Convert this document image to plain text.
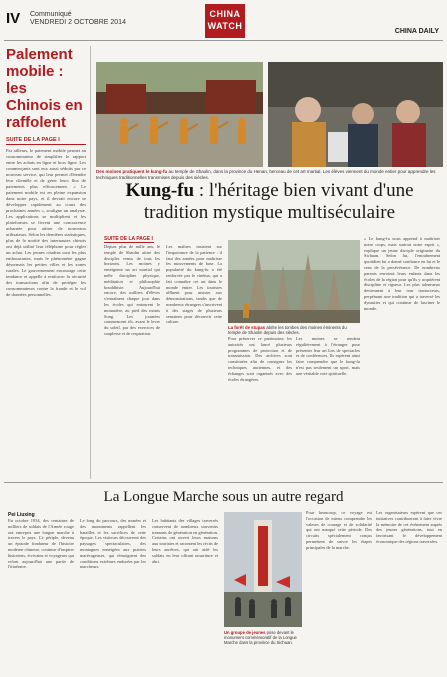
IV Communiqué
VENDREDI 2 OCTOBRE 2014
CHINA
WATCH
CHINA DAILY
Palement mobile : les Chinois en raffolent
SUITE DE LA PAGE I
Par ailleurs, le paiement mobile permet au consommateur de simplifier le rapport entre les achats en ligne et hors ligne. Les commerçants sont eux aussi séduits par ce nouveau service, qui leur permet d'étendre leur clientèle et de gérer leurs flux de paiements plus efficacement. « Le paiement mobile est en pleine expansion dans notre pays, et il devrait encore se développer rapidement au cours des prochaines années », souligne un analyste. Les applications se multiplient et les plateformes se livrent une concurrence acharnée pour attirer de nouveaux utilisateurs. Selon les dernières statistiques, plus de la moitié des internautes chinois ont déjà utilisé leur téléphone pour régler un achat. Les jeunes citadins sont les plus enthousiastes, mais le phénomène gagne désormais les petites villes et les zones rurales. Le gouvernement encourage cette tendance et appelle à renforcer la sécurité des transactions afin de protéger les consommateurs contre la fraude et le vol de données personnelles.
Des moines pratiquent le kung-fu au temple de Shaolin, dans la province du Henan, berceau de cet art martial. Les élèves viennent du monde entier pour apprendre les techniques traditionnelles transmises depuis des siècles.
Kung-fu : l'héritage bien vivant d'une tradition mystique multiséculaire
SUITE DE LA PAGE I
Depuis plus de mille ans, le temple de Shaolin attire des disciples venus de tous les horizons. Les moines y enseignent un art martial qui mêle discipline physique, méditation et philosophie bouddhiste. Aujourd'hui encore, des milliers d'élèves s'entraînent chaque jour dans les écoles qui entourent le monastère, au pied des monts Song. Les journées commencent tôt, avant le lever du soleil, par des exercices de souplesse et de respiration.
Les maîtres insistent sur l'importance de la patience : il faut des années pour maîtriser les mouvements de base. La popularité du kung-fu a été renforcée par le cinéma, qui a fait connaître cet art dans le monde entier. Les touristes affluent pour assister aux démonstrations, tandis que de nombreux étrangers s'inscrivent à des stages de plusieurs semaines pour découvrir cette culture.
La forêt de stupas abrite les tombes des moines éminents du temple de Shaolin depuis des siècles.
Pour préserver ce patrimoine, les autorités ont lancé plusieurs programmes de protection et de transmission. Des archives sont constituées afin de consigner les techniques anciennes, et des échanges sont organisés avec des écoles étrangères.
Les moines se rendent régulièrement à l'étranger pour présenter leur art lors de spectacles et de conférences. Ils espèrent ainsi faire comprendre que le kung-fu n'est pas seulement un sport, mais une véritable voie spirituelle.
« Le kung-fu nous apprend à maîtriser notre corps, mais surtout notre esprit », explique un jeune disciple originaire du Sichuan. Selon lui, l'entraînement quotidien lui a donné confiance en lui et le sens de la persévérance. De nombreux parents envoient leurs enfants dans les écoles de la région pour qu'ils y acquièrent discipline et rigueur. Les plus talentueux deviennent à leur tour instructeurs, perpétuant une tradition qui a traversé les dynasties et qui continue de fasciner le monde.
La Longue Marche sous un autre regard
Pei Liuxing
En octobre 1934, des centaines de milliers de soldats de l'Armée rouge ont entrepris une longue marche à travers le pays. Ce périple, devenu un épisode fondateur de l'histoire moderne chinoise, continue d'inspirer historiens, écrivains et voyageurs qui refont aujourd'hui une partie de l'itinéraire.
Le long du parcours, des musées et des monuments rappellent les batailles et les sacrifices de cette époque. Les visiteurs découvrent des paysages spectaculaires, des montagnes enneigées aux prairies marécageuses, qui témoignent des conditions extrêmes endurées par les marcheurs.
Les habitants des villages traversés conservent de nombreux souvenirs transmis de génération en génération. Certains ont ouvert leurs maisons aux touristes et racontent les récits de leurs ancêtres, qui ont aidé les soldats en leur offrant nourriture et abri.
Un groupe de jeunes pose devant le monument commémoratif de la Longue Marche dans la province du Sichuan.
Pour beaucoup, ce voyage est l'occasion de mieux comprendre les valeurs de courage et de solidarité qui ont marqué cette période. Des circuits spécialement conçus permettent de suivre les étapes principales de la marche.
Les organisateurs espèrent que ces initiatives contribueront à faire vivre la mémoire de cet événement auprès des jeunes générations, tout en favorisant le développement économique des régions traversées.
